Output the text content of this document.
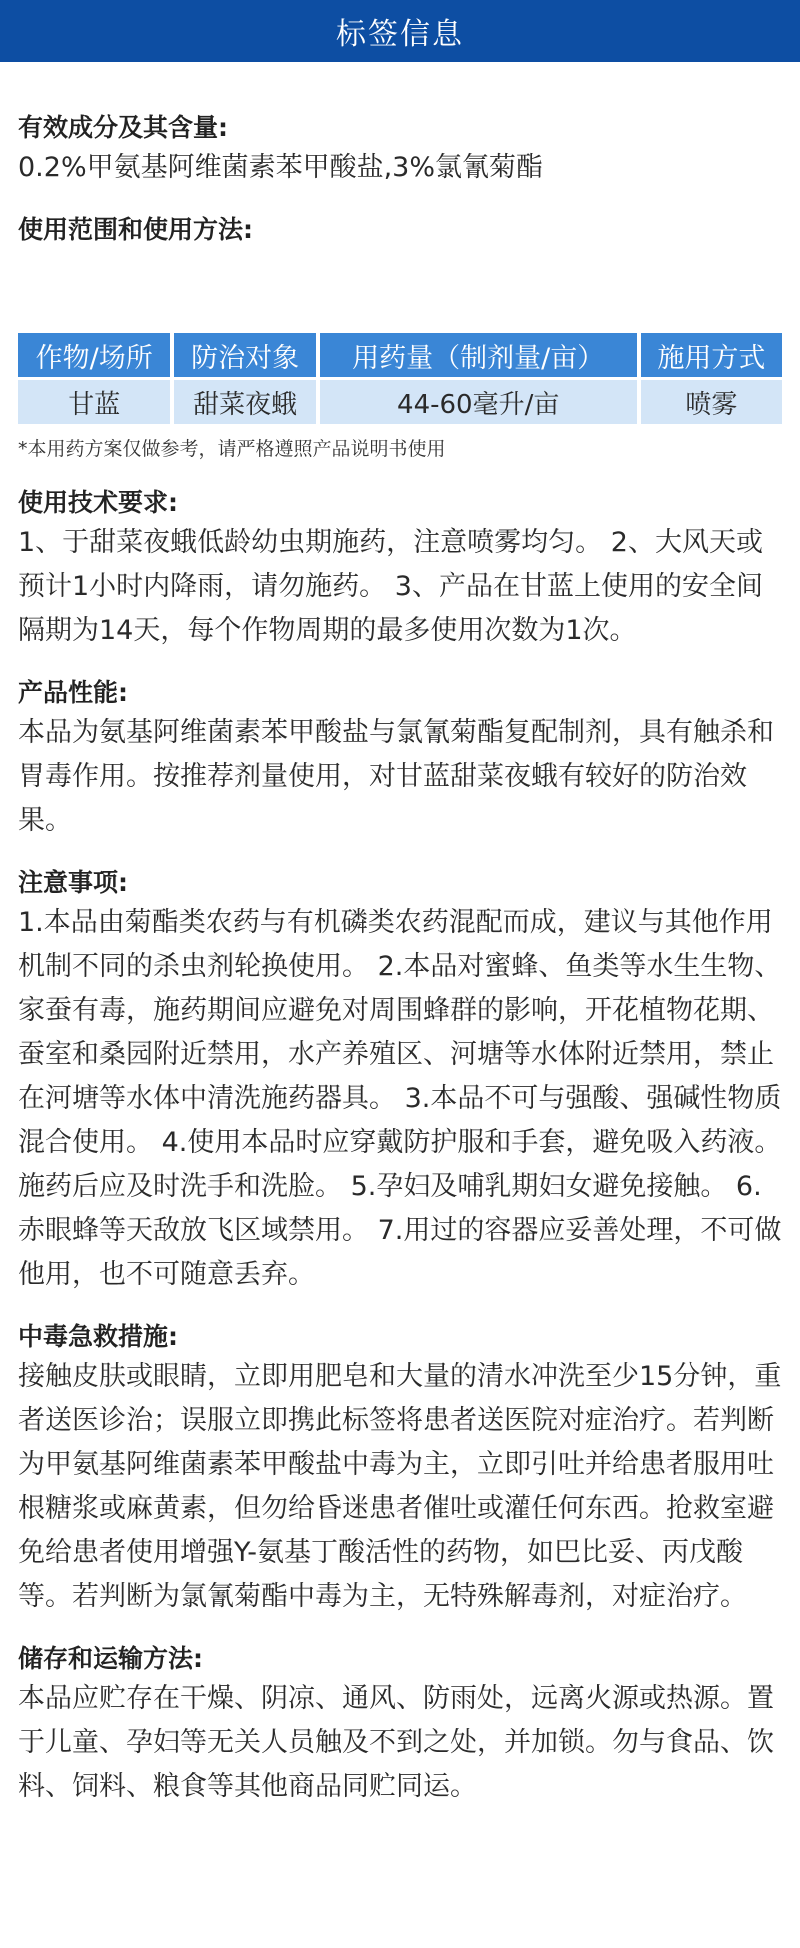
标签信息

有效成分及其含量:

0.2%甲氨基阿维菌素苯甲酸盐,3%氯氰菊酯

使用范围和使用方法:

作物/场所	防治对象	用药量（制剂量/亩）	施用方式
甘蓝	甜菜夜蛾	44-60毫升/亩	喷雾

*本用药方案仅做参考，请严格遵照产品说明书使用

使用技术要求:

1、于甜菜夜蛾低龄幼虫期施药，注意喷雾均匀。 2、大风天或预计1小时内降雨，请勿施药。 3、产品在甘蓝上使用的安全间隔期为14天，每个作物周期的最多使用次数为1次。

产品性能:

本品为氨基阿维菌素苯甲酸盐与氯氰菊酯复配制剂，具有触杀和胃毒作用。按推荐剂量使用，对甘蓝甜菜夜蛾有较好的防治效果。

注意事项:

1.本品由菊酯类农药与有机磷类农药混配而成，建议与其他作用机制不同的杀虫剂轮换使用。 2.本品对蜜蜂、鱼类等水生生物、家蚕有毒，施药期间应避免对周围蜂群的影响，开花植物花期、蚕室和桑园附近禁用，水产养殖区、河塘等水体附近禁用，禁止在河塘等水体中清洗施药器具。 3.本品不可与强酸、强碱性物质混合使用。 4.使用本品时应穿戴防护服和手套，避免吸入药液。施药后应及时洗手和洗脸。 5.孕妇及哺乳期妇女避免接触。 6.赤眼蜂等天敌放飞区域禁用。 7.用过的容器应妥善处理，不可做他用，也不可随意丢弃。

中毒急救措施:

接触皮肤或眼睛，立即用肥皂和大量的清水冲洗至少15分钟，重者送医诊治；误服立即携此标签将患者送医院对症治疗。若判断为甲氨基阿维菌素苯甲酸盐中毒为主，立即引吐并给患者服用吐根糖浆或麻黄素，但勿给昏迷患者催吐或灌任何东西。抢救室避免给患者使用增强Y-氨基丁酸活性的药物，如巴比妥、丙戊酸等。若判断为氯氰菊酯中毒为主，无特殊解毒剂，对症治疗。

储存和运输方法:

本品应贮存在干燥、阴凉、通风、防雨处，远离火源或热源。置于儿童、孕妇等无关人员触及不到之处，并加锁。勿与食品、饮料、饲料、粮食等其他商品同贮同运。
